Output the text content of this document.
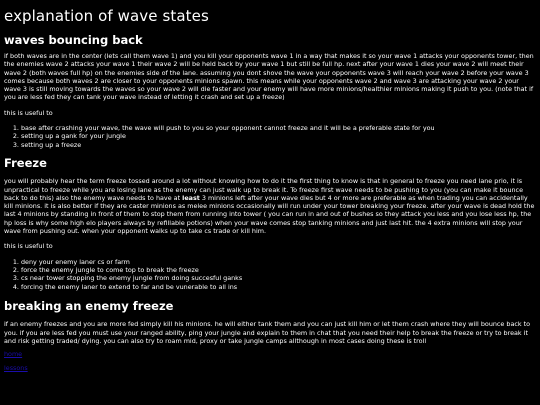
explanation of wave states
waves bouncing back

if both waves are in the center (lets call them wave 1) and you kill your opponents wave 1 in a way that makes it so your wave 1 attacks your opponents tower, then the enemies wave 2 attacks your wave 1 their wave 2 will be held back by your wave 1 but still be full hp. next after your wave 1 dies your wave 2 will meet their wave 2 (both waves full hp) on the enemies side of the lane. assuming you dont shove the wave your opponents wave 3 will reach your wave 2 before your wave 3 comes because both waves 2 are closer to your opponents minions spawn. this means while your opponents wave 2 and wave 3 are attacking your wave 2 your wave 3 is still moving towards the waves so your wave 2 will die faster and your enemy will have more minions/healthier minions making it push to you. (note that if you are less fed they can tank your wave instead of letting it crash and set up a freeze)

this is useful to

1. base after crashing your wave, the wave will push to you so your opponent cannot freeze and it will be a preferable state for you
2. setting up a gank for your jungle
3. setting up a freeze
Freeze

you will probably hear the term freeze tossed around a lot without knowing how to do it the first thing to know is that in general to freeze you need lane prio, it is unpractical to freeze while you are losing lane as the enemy can just walk up to break it. To freeze first wave needs to be pushing to you (you can make it bounce back to do this) also the enemy wave needs to have at least 3 minions left after your wave dies but 4 or more are preferable as when trading you can accidentally kill minions. it is also better if they are caster minions as melee minions occasionally will run under your tower breaking your freeze. after your wave is dead hold the last 4 minions by standing in front of them to stop them from running into tower ( you can run in and out of bushes so they attack you less and you lose less hp, the hp loss is why some high elo players always by refillable potions) when your wave comes stop tanking minions and just last hit. the 4 extra minions will stop your wave from pushing out. when your opponent walks up to take cs trade or kill him.

this is useful to

1. deny your enemy laner cs or farm
2. force the enemy jungle to come top to break the freeze
3. cs near tower stopping the enemy jungle from doing succesful ganks
4. forcing the enemy laner to extend to far and be vunerable to all ins
breaking an enemy freeze

if an enemy freezes and you are more fed simply kill his minions. he will either tank them and you can just kill him or let them crash where they will bounce back to you. if you are less fed you must use your ranged ability, ping your jungle and explain to them in chat that you need their help to break the freeze or try to break it and risk getting traded/ dying. you can also try to roam mid, proxy or take jungle camps allthough in most cases doing these is troll

home
lessons
